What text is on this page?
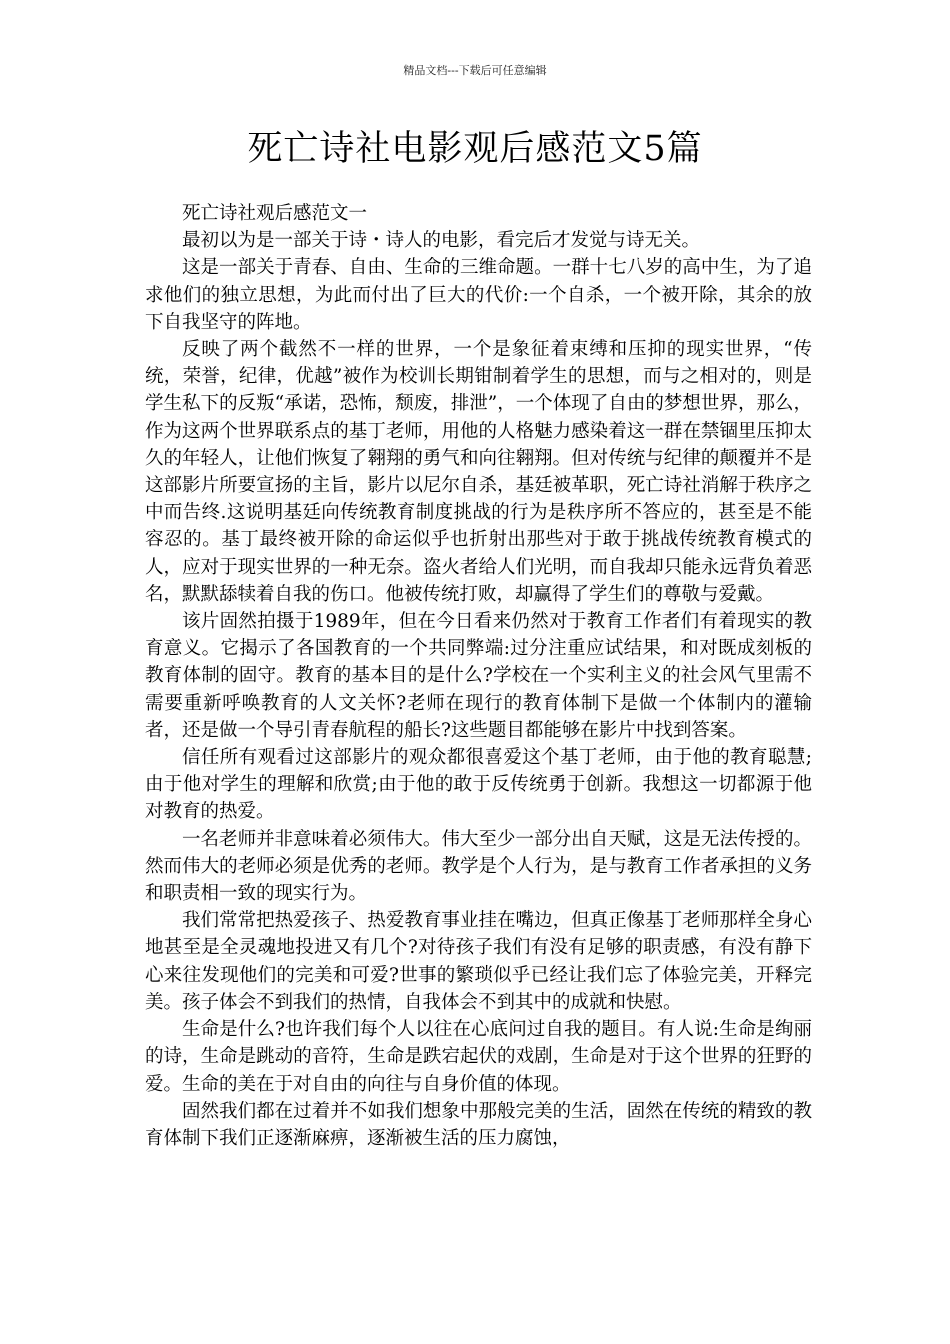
精品文档---下载后可任意编辑
死亡诗社电影观后感范文5篇

死亡诗社观后感范文一

最初以为是一部关于诗・诗人的电影，看完后才发觉与诗无关。

这是一部关于青春、自由、生命的三维命题。一群十七八岁的高中生，为了追求他们的独立思想，为此而付出了巨大的代价:一个自杀，一个被开除，其余的放下自我坚守的阵地。

反映了两个截然不一样的世界，一个是象征着束缚和压抑的现实世界，“传统，荣誉，纪律，优越”被作为校训长期钳制着学生的思想，而与之相对的，则是学生私下的反叛“承诺，恐怖，颓废，排泄”，一个体现了自由的梦想世界，那么，作为这两个世界联系点的基丁老师，用他的人格魅力感染着这一群在禁锢里压抑太久的年轻人，让他们恢复了翱翔的勇气和向往翱翔。但对传统与纪律的颠覆并不是这部影片所要宣扬的主旨，影片以尼尔自杀，基廷被革职，死亡诗社消解于秩序之中而告终.这说明基廷向传统教育制度挑战的行为是秩序所不答应的，甚至是不能容忍的。基丁最终被开除的命运似乎也折射出那些对于敢于挑战传统教育模式的人，应对于现实世界的一种无奈。盗火者给人们光明，而自我却只能永远背负着恶名，默默舔犊着自我的伤口。他被传统打败，却赢得了学生们的尊敬与爱戴。

该片固然拍摄于1989年，但在今日看来仍然对于教育工作者们有着现实的教育意义。它揭示了各国教育的一个共同弊端:过分注重应试结果，和对既成刻板的教育体制的固守。教育的基本目的是什么?学校在一个实利主义的社会风气里需不需要重新呼唤教育的人文关怀?老师在现行的教育体制下是做一个体制内的灌输者，还是做一个导引青春航程的船长?这些题目都能够在影片中找到答案。

信任所有观看过这部影片的观众都很喜爱这个基丁老师，由于他的教育聪慧;由于他对学生的理解和欣赏;由于他的敢于反传统勇于创新。我想这一切都源于他对教育的热爱。

一名老师并非意味着必须伟大。伟大至少一部分出自天赋，这是无法传授的。然而伟大的老师必须是优秀的老师。教学是个人行为，是与教育工作者承担的义务和职责相一致的现实行为。

我们常常把热爱孩子、热爱教育事业挂在嘴边，但真正像基丁老师那样全身心地甚至是全灵魂地投进又有几个?对待孩子我们有没有足够的职责感，有没有静下心来往发现他们的完美和可爱?世事的繁琐似乎已经让我们忘了体验完美，开释完美。孩子体会不到我们的热情，自我体会不到其中的成就和快慰。

生命是什么?也许我们每个人以往在心底问过自我的题目。有人说:生命是绚丽的诗，生命是跳动的音符，生命是跌宕起伏的戏剧，生命是对于这个世界的狂野的爱。生命的美在于对自由的向往与自身价值的体现。

固然我们都在过着并不如我们想象中那般完美的生活，固然在传统的精致的教育体制下我们正逐渐麻痹，逐渐被生活的压力腐蚀，
